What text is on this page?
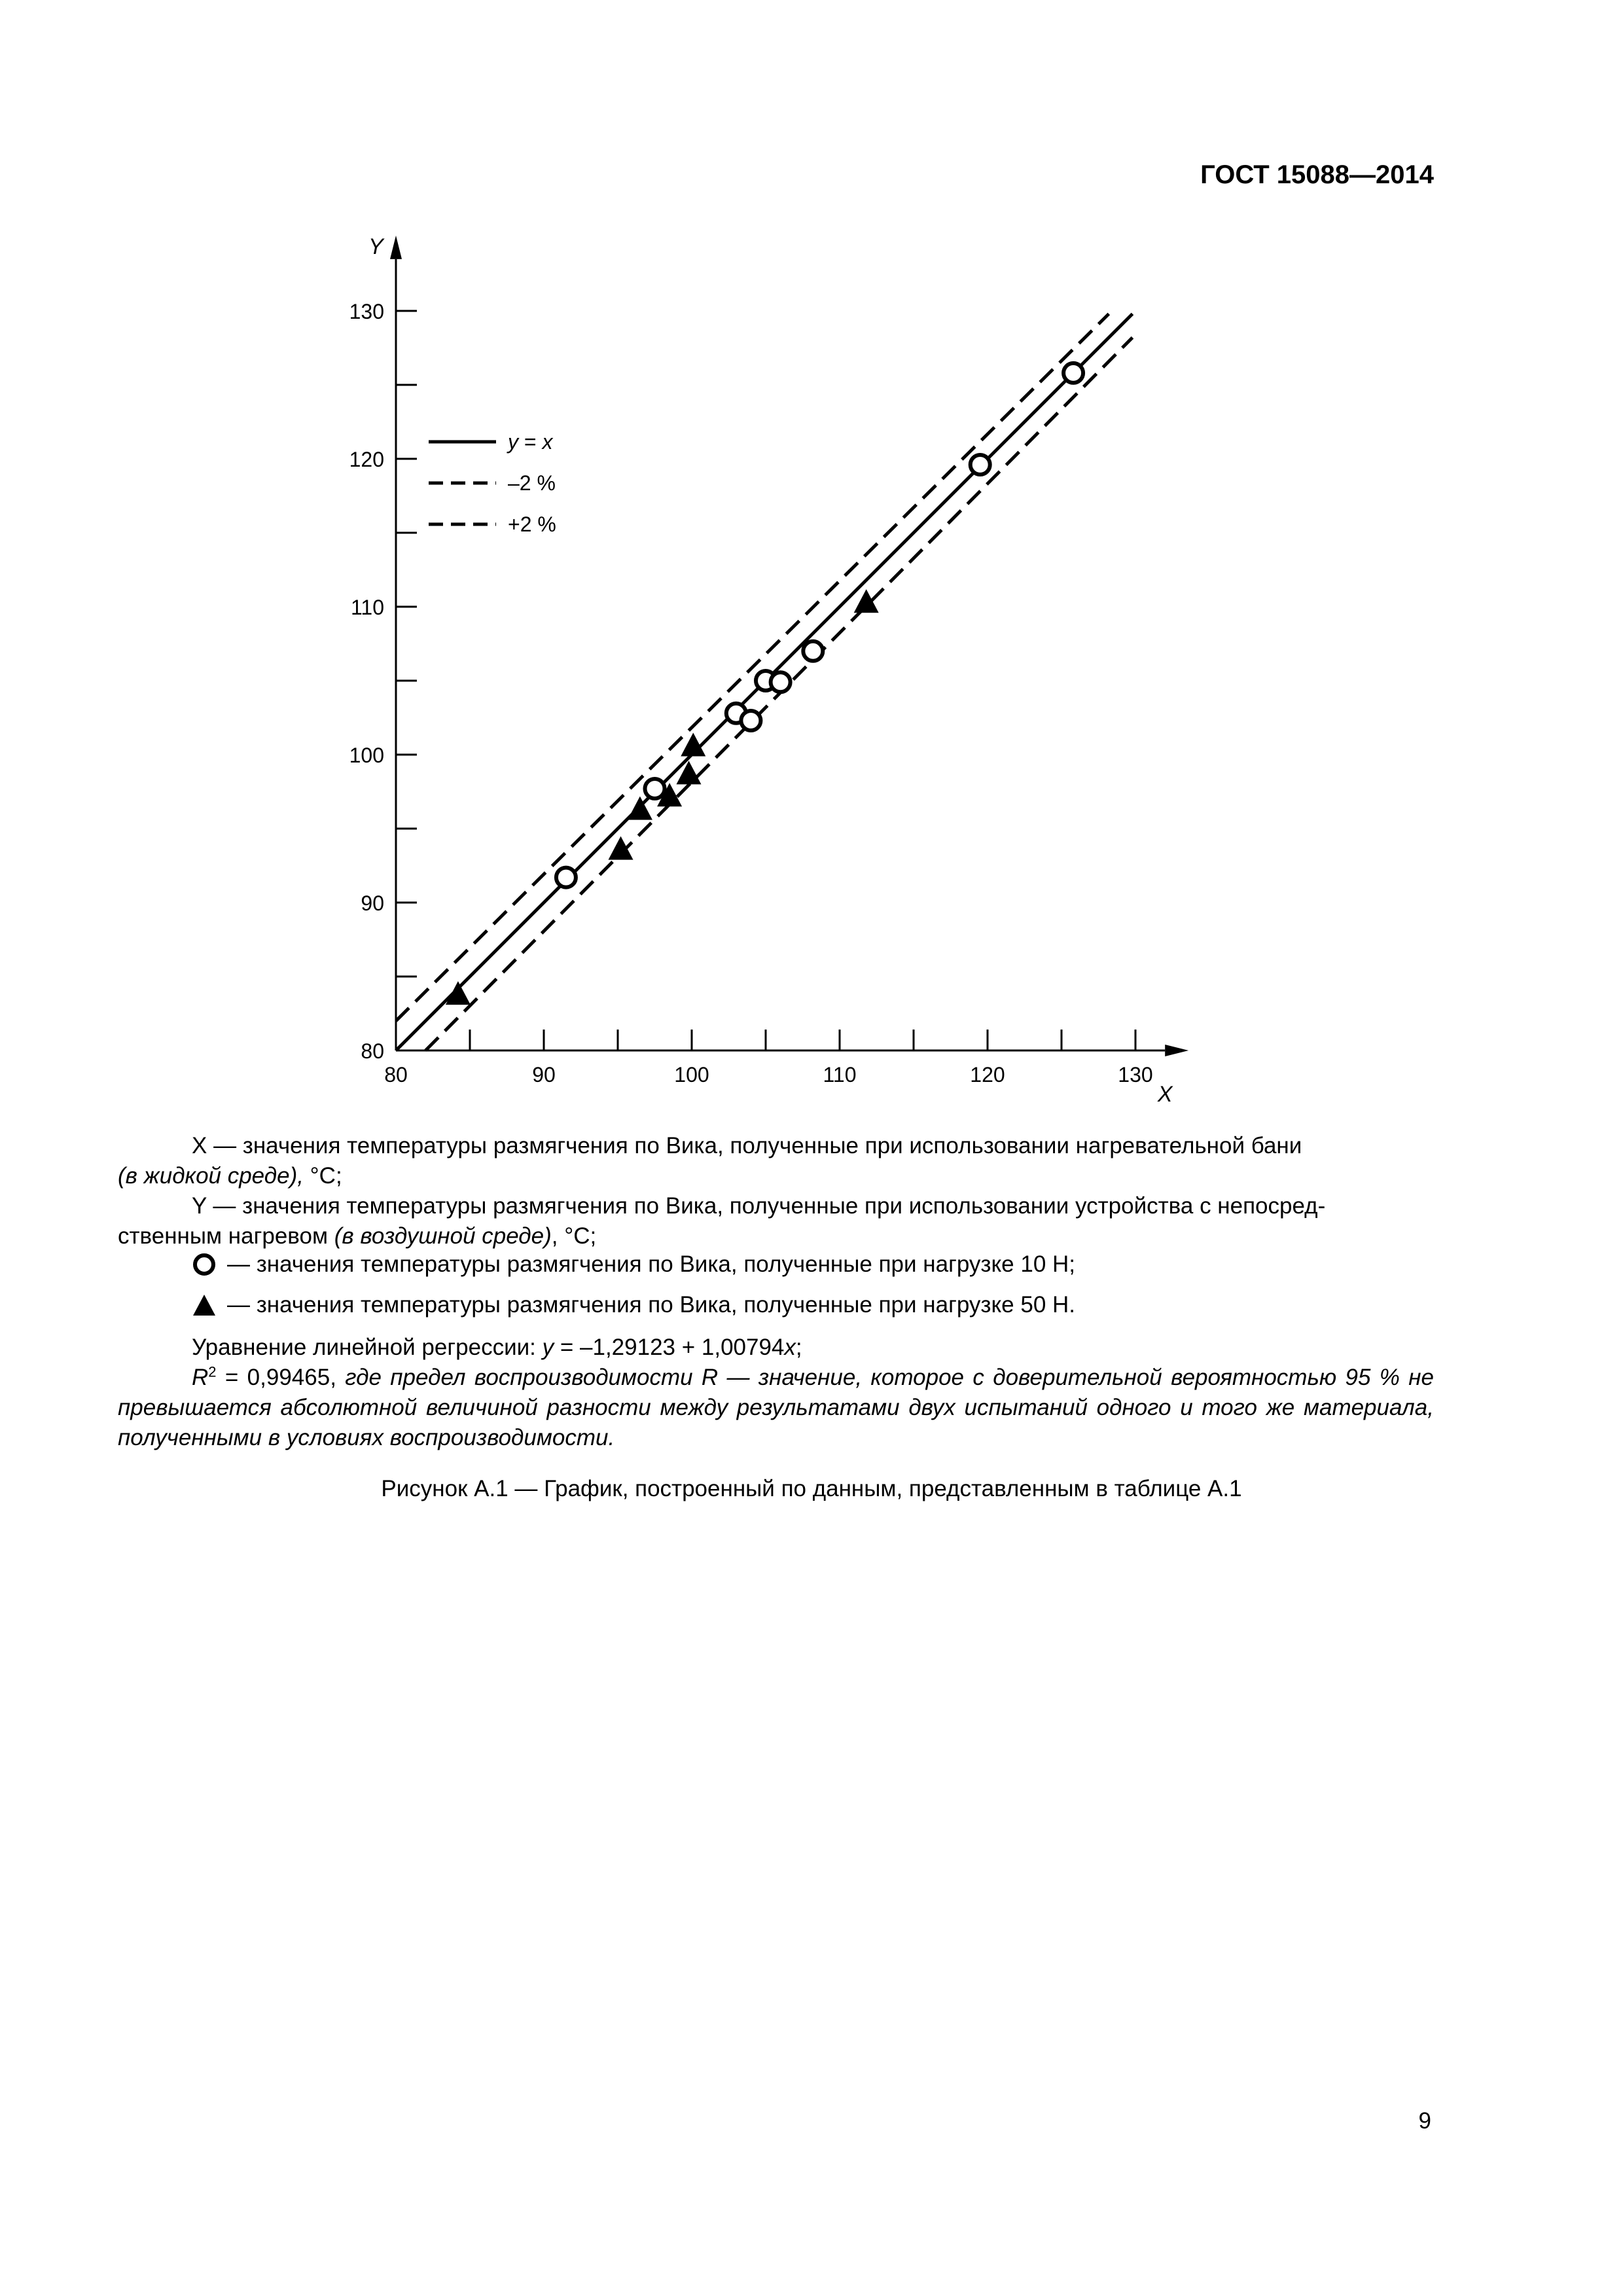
ГОСТ 15088—2014
80	90	100	110	120	130
80
90
100
110
120
130
X
Y
y = x
–2 %
+2 %
X — значения температуры размягчения по Вика, полученные при использовании нагревательной бани
(в жидкой среде), °С;
Y — значения температуры размягчения по Вика, полученные при использовании устройства с непосред-
ственным нагревом (в воздушной среде), °С;
— значения температуры размягчения по Вика, полученные при нагрузке 10 Н;
— значения температуры размягчения по Вика, полученные при нагрузке 50 Н.
Уравнение линейной регрессии: y = –1,29123 + 1,00794x;
$R^2 = 0,99465$, где предел воспроизводимости R — значение, которое с доверительной вероятностью 95 % не превышается абсолютной величиной разности между результатами двух испытаний одного и того же материала, полученными в условиях воспроизводимости.
Рисунок А.1 — График, построенный по данным, представленным в таблице А.1
9
